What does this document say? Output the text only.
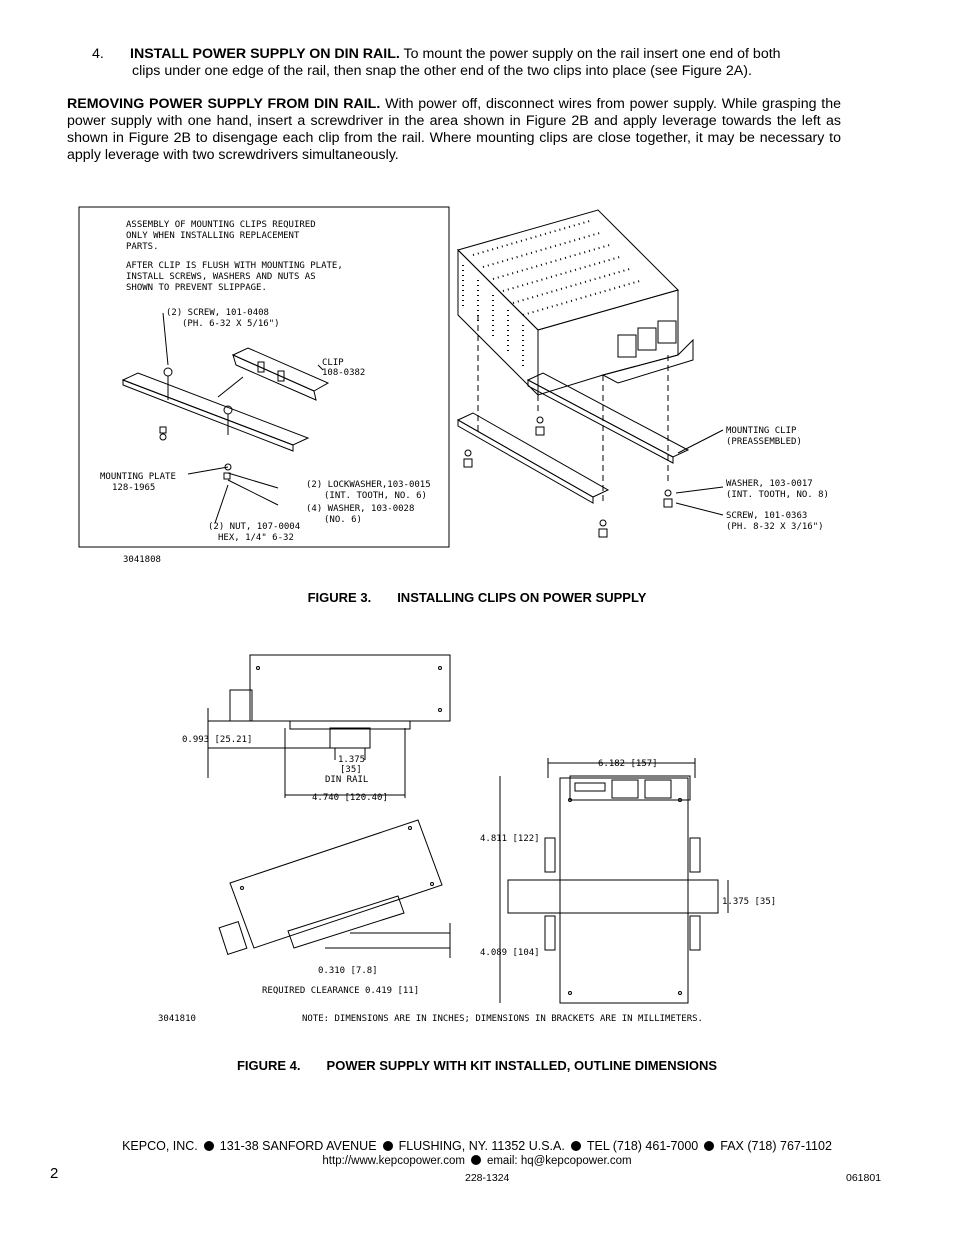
4. INSTALL POWER SUPPLY ON DIN RAIL. To mount the power supply on the rail insert one end of both
clips under one edge of the rail, then snap the other end of the two clips into place (see Figure 2A).
REMOVING POWER SUPPLY FROM DIN RAIL. With power off, disconnect wires from power supply. While grasping the power supply with one hand, insert a screwdriver in the area shown in Figure 2B and apply leverage towards the left as shown in Figure 2B to disengage each clip from the rail. Where mounting clips are close together, it may be necessary to apply leverage with two screwdrivers simultaneously.
ASSEMBLY OF MOUNTING CLIPS REQUIRED
ONLY WHEN INSTALLING REPLACEMENT
PARTS.
AFTER CLIP IS FLUSH WITH MOUNTING PLATE,
INSTALL SCREWS, WASHERS AND NUTS AS
SHOWN TO PREVENT SLIPPAGE.
(2) SCREW, 101-0408
(PH. 6-32 X 5/16")
CLIP
108-0382
MOUNTING PLATE
128-1965	(2) LOCKWASHER,103-0015
(INT. TOOTH, NO. 6)
(4) WASHER, 103-0028
(NO. 6)
(2) NUT, 107-0004
HEX, 1/4" 6-32
3041808
MOUNTING CLIP
(PREASSEMBLED)
WASHER, 103-0017
(INT. TOOTH, NO. 8)
SCREW, 101-0363
(PH. 8-32 X 3/16")
FIGURE 3. INSTALLING CLIPS ON POWER SUPPLY
0.993 [25.21]
1.375
[35]
DIN RAIL
4.740 [120.40]
0.310 [7.8]
REQUIRED CLEARANCE 0.419 [11]
6.182 [157]
4.811 [122]
1.375 [35]
4.089 [104]
3041810	NOTE: DIMENSIONS ARE IN INCHES; DIMENSIONS IN BRACKETS ARE IN MILLIMETERS.
FIGURE 4. POWER SUPPLY WITH KIT INSTALLED, OUTLINE DIMENSIONS
KEPCO, INC. 131-38 SANFORD AVENUE FLUSHING, NY. 11352 U.S.A. TEL (718) 461-7000 FAX (718) 767-1102
http://www.kepcopower.com email: hq@kepcopower.com
2	228-1324	061801
